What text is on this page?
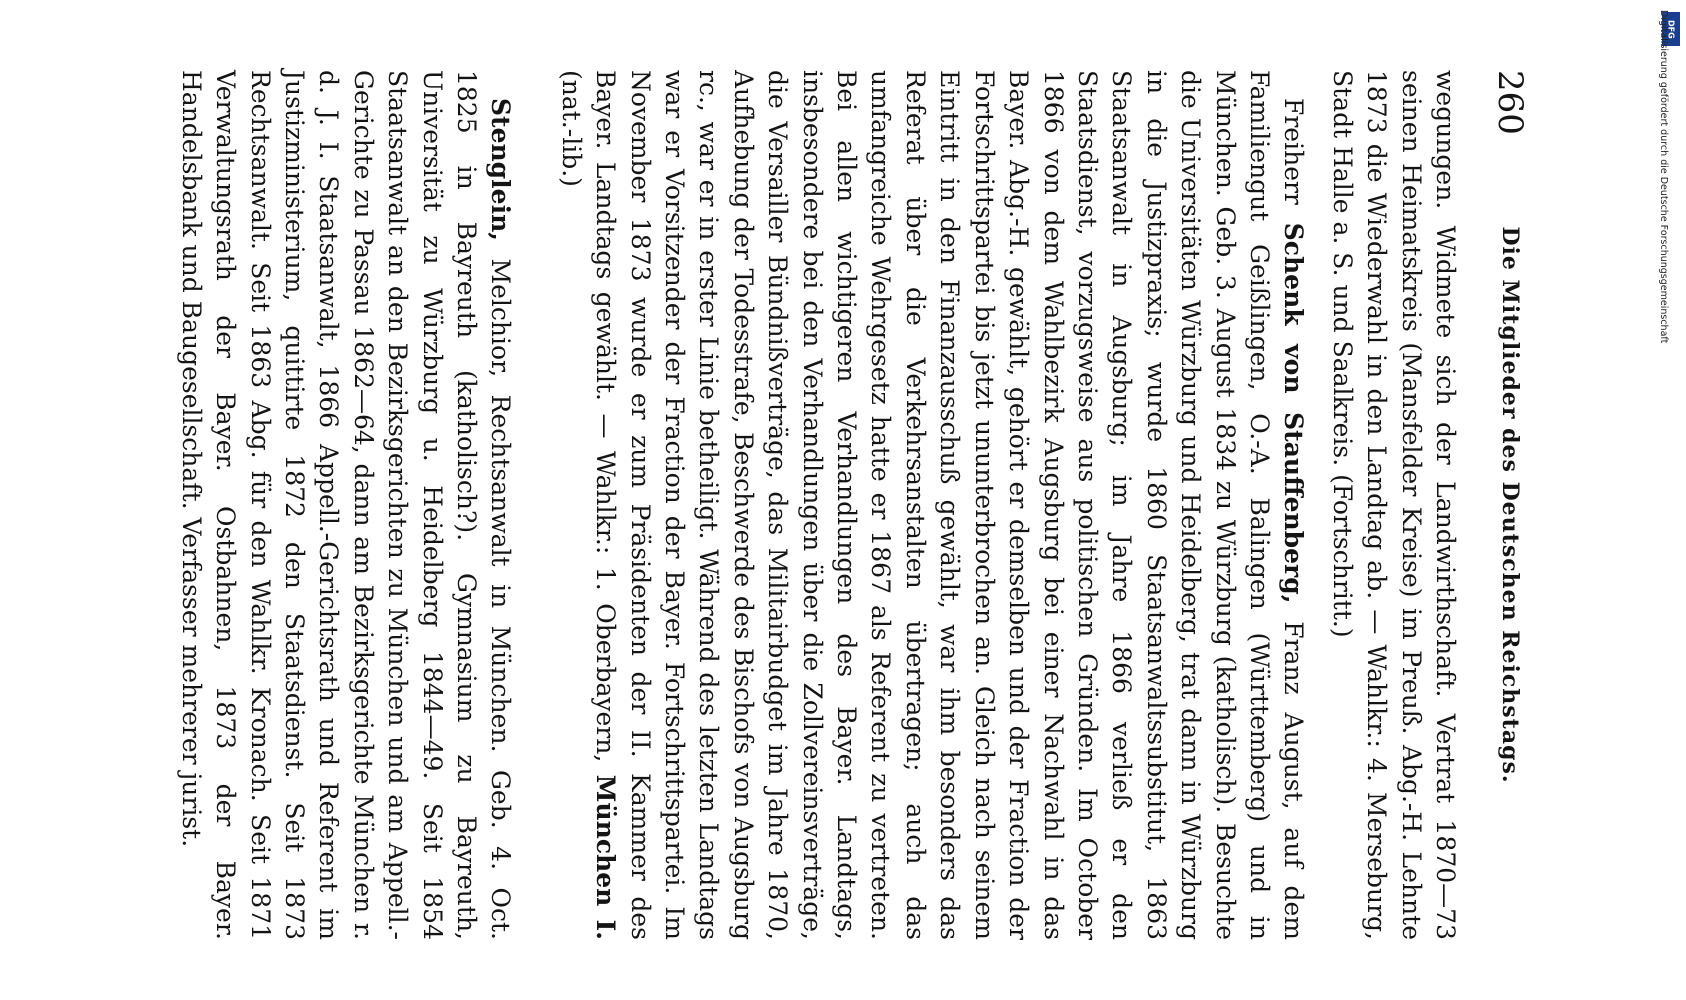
260
Die Mitglieder des Deutschen Reichstags.

wegungen. Widmete sich der Landwirthschaft. Vertrat 1870—73 seinen Heimatskreis (Mansfelder Kreise) im Preuß. Abg.-H. Lehnte 1873 die Wiederwahl in den Landtag ab. — Wahlkr.: 4. Merseburg, Stadt Halle a. S. und Saalkreis. (Fortschritt.)

Freiherr Schenk von Stauffenberg, Franz August, auf dem Familiengut Geißlingen, O.-A. Balingen (Württemberg) und in München. Geb. 3. August 1834 zu Würzburg (katholisch). Besuchte die Universitäten Würzburg und Heidelberg, trat dann in Würzburg in die Justizpraxis; wurde 1860 Staatsanwaltssubstitut, 1863 Staatsanwalt in Augsburg; im Jahre 1866 verließ er den Staatsdienst, vorzugsweise aus politischen Gründen. Im October 1866 von dem Wahlbezirk Augsburg bei einer Nachwahl in das Bayer. Abg.-H. gewählt, gehört er demselben und der Fraction der Fortschrittspartei bis jetzt ununterbrochen an. Gleich nach seinem Eintritt in den Finanzausschuß gewählt, war ihm besonders das Referat über die Verkehrsanstalten übertragen; auch das umfangreiche Wehrgesetz hatte er 1867 als Referent zu vertreten. Bei allen wichtigeren Verhandlungen des Bayer. Landtags, insbesondere bei den Verhandlungen über die Zollvereinsverträge, die Versailler Bündnißverträge, das Militairbudget im Jahre 1870, Aufhebung der Todesstrafe, Beschwerde des Bischofs von Augsburg rc., war er in erster Linie betheiligt. Während des letzten Landtags war er Vorsitzender der Fraction der Bayer. Fortschrittspartei. Im November 1873 wurde er zum Präsidenten der II. Kammer des Bayer. Landtags gewählt. — Wahlkr.: 1. Oberbayern, München I. (nat.-lib.)

Stenglein, Melchior, Rechtsanwalt in München. Geb. 4. Oct. 1825 in Bayreuth (katholisch?). Gymnasium zu Bayreuth, Universität zu Würzburg u. Heidelberg 1844—49. Seit 1854 Staatsanwalt an den Bezirksgerichten zu München und am Appell.-Gerichte zu Passau 1862—64, dann am Bezirksgerichte München r. d. J. I. Staatsanwalt, 1866 Appell.-Gerichtsrath und Referent im Justizministerium, quittirte 1872 den Staatsdienst. Seit 1873 Rechtsanwalt. Seit 1863 Abg. für den Wahlkr. Kronach. Seit 1871 Verwaltungsrath der Bayer. Ostbahnen, 1873 der Bayer. Handelsbank und Baugesellschaft. Verfasser mehrerer jurist.

DFG
Digitalisierung gefördert durch die Deutsche Forschungsgemeinschaft
